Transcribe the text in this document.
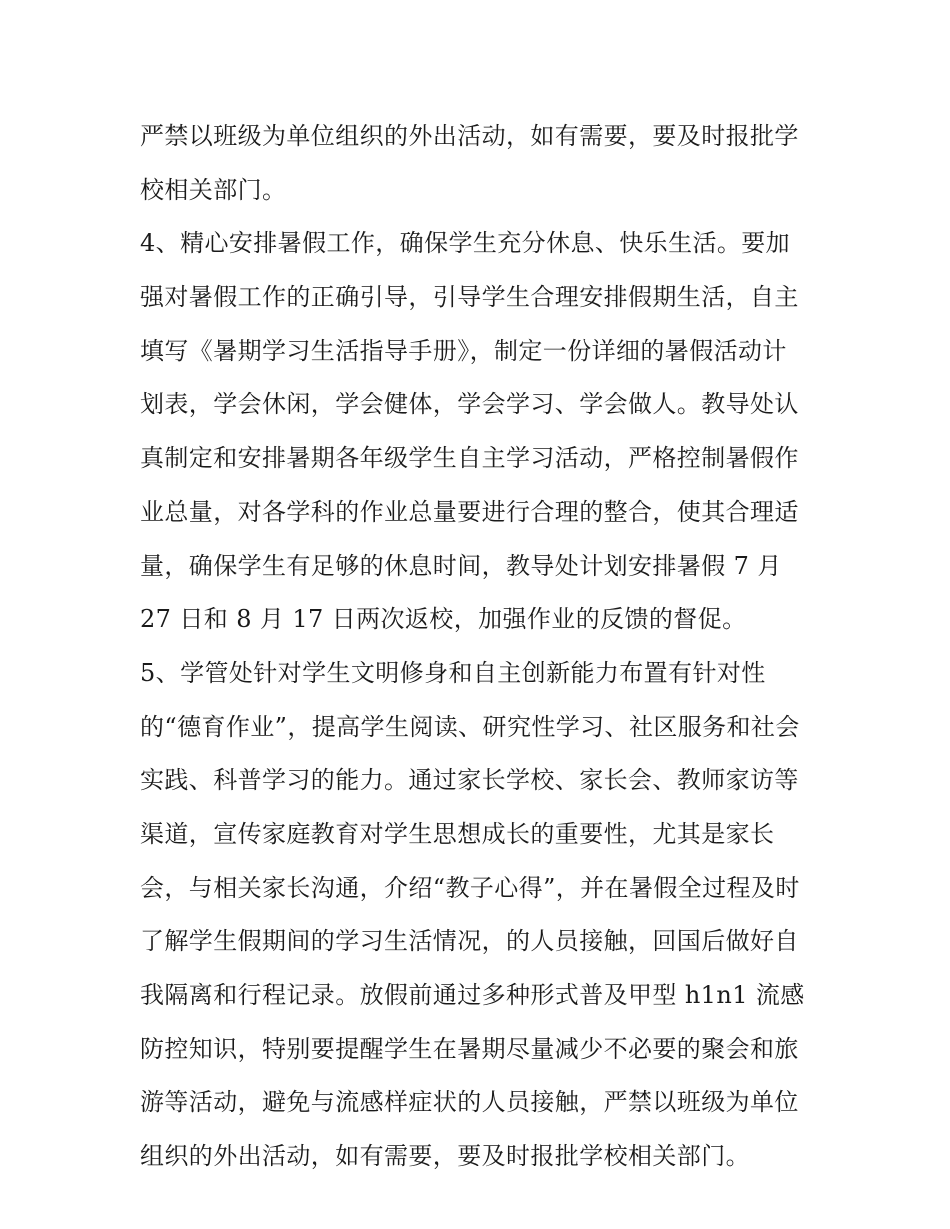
严禁以班级为单位组织的外出活动，如有需要，要及时报批学
校相关部门。
4、精心安排暑假工作，确保学生充分休息、快乐生活。要加
强对暑假工作的正确引导，引导学生合理安排假期生活，自主
填写《暑期学习生活指导手册》，制定一份详细的暑假活动计
划表，学会休闲，学会健体，学会学习、学会做人。教导处认
真制定和安排暑期各年级学生自主学习活动，严格控制暑假作
业总量，对各学科的作业总量要进行合理的整合，使其合理适
量，确保学生有足够的休息时间，教导处计划安排暑假 7 月
27 日和 8 月 17 日两次返校，加强作业的反馈的督促。
5、学管处针对学生文明修身和自主创新能力布置有针对性
的“德育作业”，提高学生阅读、研究性学习、社区服务和社会
实践、科普学习的能力。通过家长学校、家长会、教师家访等
渠道，宣传家庭教育对学生思想成长的重要性，尤其是家长
会，与相关家长沟通，介绍“教子心得”，并在暑假全过程及时
了解学生假期间的学习生活情况，的人员接触，回国后做好自
我隔离和行程记录。放假前通过多种形式普及甲型 h1n1 流感
防控知识，特别要提醒学生在暑期尽量减少不必要的聚会和旅
游等活动，避免与流感样症状的人员接触，严禁以班级为单位
组织的外出活动，如有需要，要及时报批学校相关部门。
